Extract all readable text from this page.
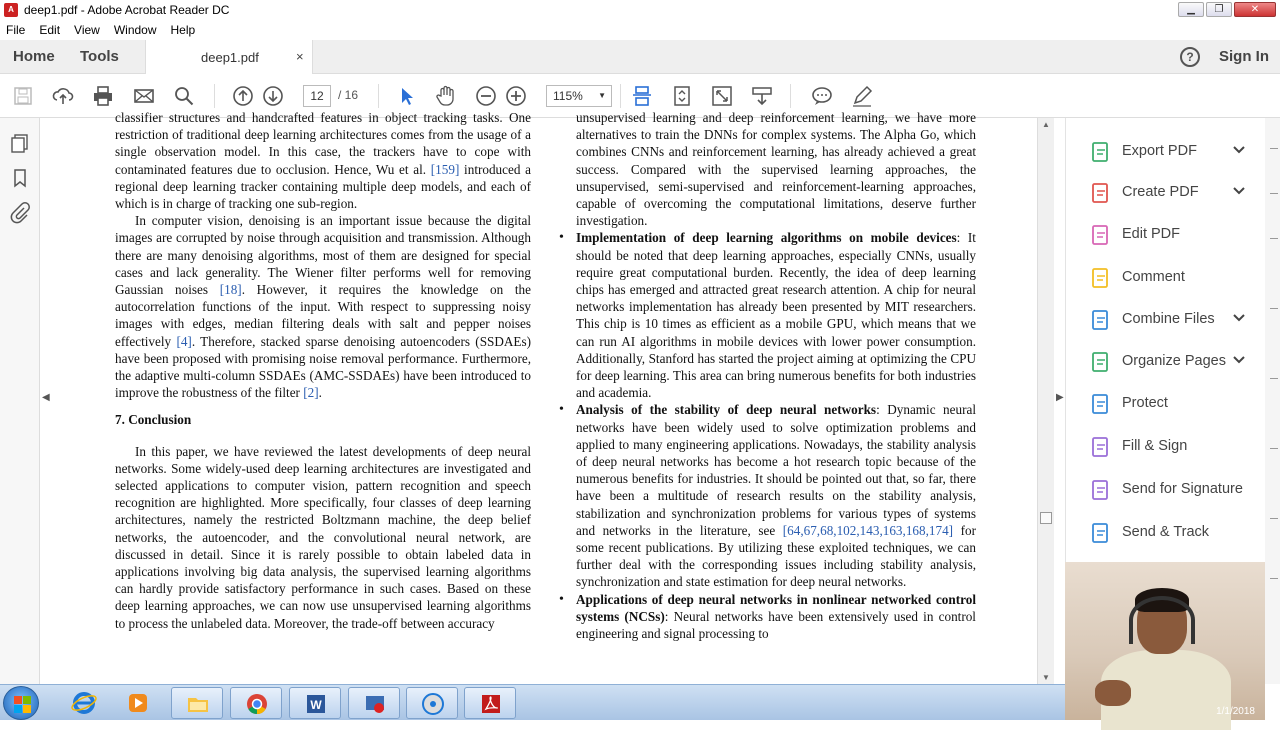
A deep1.pdf - Adobe Acrobat Reader DC	▁	❐	✕
File Edit View Window Help
Home Tools	deep1.pdf	×	?	Sign In
12	/ 16	115% ▼
◀

classifier structures and handcrafted features in object tracking tasks. One restriction of traditional deep learning architectures comes from the usage of a single observation model. In this case, the trackers have to cope with contaminated features due to occlusion. Hence, Wu et al. [159] introduced a regional deep learning tracker containing multiple deep models, and each of which is in charge of tracking one sub-region.

In computer vision, denoising is an important issue because the digital images are corrupted by noise through acquisition and transmission. Although there are many denoising algorithms, most of them are designed for special cases and lack generality. The Wiener filter performs well for removing Gaussian noises [18]. However, it requires the knowledge on the autocorrelation functions of the input. With respect to suppressing noisy images with edges, median filtering deals with salt and pepper noises effectively [4]. Therefore, stacked sparse denoising autoencoders (SSDAEs) have been proposed with promising noise removal performance. Furthermore, the adaptive multi-column SSDAEs (AMC-SSDAEs) have been introduced to improve the robustness of the filter [2].

7. Conclusion

In this paper, we have reviewed the latest developments of deep neural networks. Some widely-used deep learning architectures are investigated and selected applications to computer vision, pattern recognition and speech recognition are highlighted. More specifically, four classes of deep learning architectures, namely the restricted Boltzmann machine, the deep belief networks, the autoencoder, and the convolutional neural network, are discussed in detail. Since it is rarely possible to obtain labeled data in applications involving big data analysis, the supervised learning algorithms can hardly provide satisfactory performance in such cases. Based on these deep learning approaches, we can now use unsupervised learning algorithms to process the unlabeled data. Moreover, the trade-off between accuracy

unsupervised learning and deep reinforcement learning, we have more alternatives to train the DNNs for complex systems. The Alpha Go, which combines CNNs and reinforcement learning, has already achieved a great success. Compared with the supervised learning approaches, the unsupervised, semi-supervised and reinforcement-learning approaches, capable of overcoming the computational limitations, deserve further investigation.

• Implementation of deep learning algorithms on mobile devices: It should be noted that deep learning approaches, especially CNNs, usually require great computational burden. Recently, the idea of deep learning chips has emerged and attracted great research attention. A chip for neural networks implementation has already been presented by MIT researchers. This chip is 10 times as efficient as a mobile GPU, which means that we can run AI algorithms in mobile devices with lower power consumption. Additionally, Stanford has started the project aiming at optimizing the CPU for deep learning. This area can bring numerous benefits for both industries and academia.

• Analysis of the stability of deep neural networks: Dynamic neural networks have been widely used to solve optimization problems and applied to many engineering applications. Nowadays, the stability analysis of deep neural networks has become a hot research topic because of the numerous benefits for industries. It should be pointed out that, so far, there have been a multitude of research results on the stability analysis, stabilization and synchronization problems for various types of systems and networks in the literature, see [64,67,68,102,143,163,168,174] for some recent publications. By utilizing these exploited techniques, we can further deal with the corresponding issues including stability analysis, synchronization and state estimation for deep neural networks.

• Applications of deep neural networks in nonlinear networked control systems (NCSs): Neural networks have been extensively used in control engineering and signal processing to

▲
▼
▶
Export PDF
Create PDF
Edit PDF
Comment
Combine Files
Organize Pages
Protect
Fill & Sign
Send for Signature
Send & Track
1/1/2018
W
